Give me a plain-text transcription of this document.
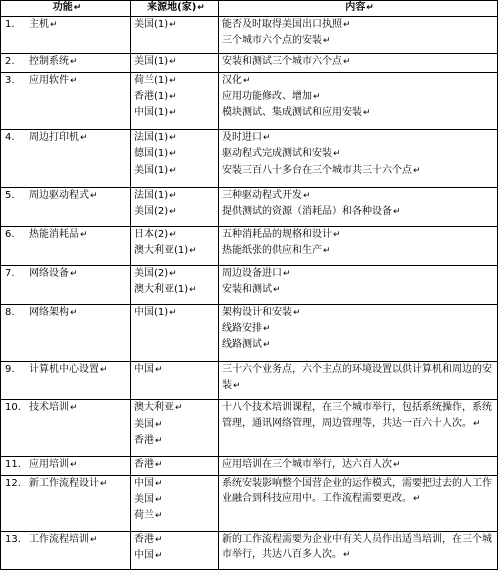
功能↵	来源地(家)↵	内容↵
1. 主机↵	美国(1)↵	能否及时取得美国出口执照↵
三个城市六个点的安装↵

2. 控制系统↵	美国(1)↵	安装和测试三个城市六个点↵

3. 应用软件↵	荷兰(1)↵
香港(1)↵
中国(1)↵	汉化↵
应用功能修改、增加↵
模块测试、集成测试和应用安装↵

4. 周边打印机↵	法国(1)↵
德国(1)↵
美国(1)↵	及时进口↵
驱动程式完成测试和安装↵
安装三百八十多台在三个城市共三十六个点↵

5. 周边驱动程式↵	法国(1)↵
美国(2)↵	三种驱动程式开发↵
提供测试的资源（消耗品）和各种设备↵

6. 热能消耗品↵	日本(2)↵
澳大利亚(1)↵	五种消耗品的规格和设计↵
热能纸张的供应和生产↵

7. 网络设备↵	美国(2)↵
澳大利亚(1)↵	周边设备进口↵
安装和测试↵

8. 网络架构↵	中国(1)↵	架构设计和安装↵
线路安排↵
线路测试↵

9. 计算机中心设置↵	中国↵	三十六个业务点，六个主点的环境设置以供计算机和周边的安装↵

10. 技术培训↵	澳大利亚↵
美国↵
香港↵	十八个技术培训课程，在三个城市举行，包括系统操作，系统管理，通讯网络管理，周边管理等，共达一百六十人次。↵

11. 应用培训↵	香港↵	应用培训在三个城市举行，达六百人次↵

12. 新工作流程设计↵	中国↵
美国↵
荷兰↵	系统安装影响整个国营企业的运作模式，需要把过去的人工作业融合到科技应用中。工作流程需要更改。↵

13. 工作流程培训↵	香港↵
中国↵	新的工作流程需要为企业中有关人员作出适当培训，在三个城市举行，共达八百多人次。↵
